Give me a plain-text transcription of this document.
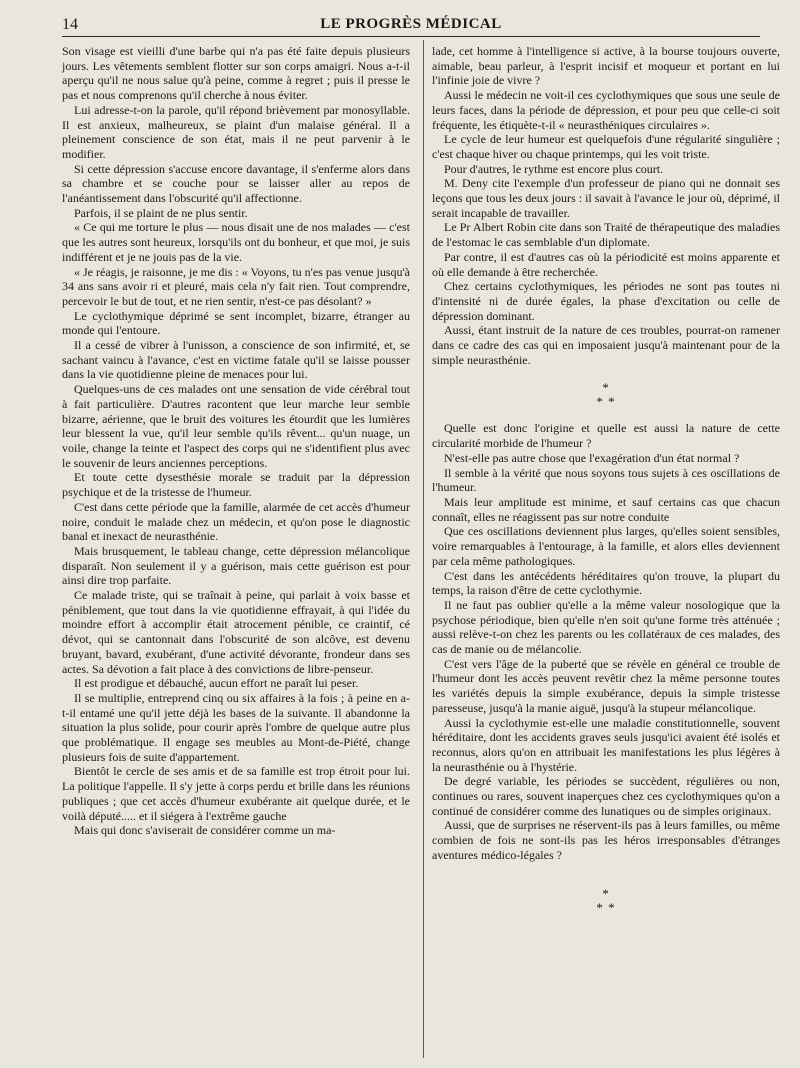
14	LE PROGRÈS MÉDICAL

Son visage est vieilli d'une barbe qui n'a pas été faite depuis plusieurs jours. Les vêtements semblent flotter sur son corps amaigri. Nous a-t-il aperçu qu'il ne nous salue qu'à peine, comme à regret ; puis il presse le pas et nous comprenons qu'il cherche à nous éviter.

Lui adresse-t-on la parole, qu'il répond brièvement par monosyllable. Il est anxieux, malheureux, se plaint d'un malaise général. Il a pleinement conscience de son état, mais il ne peut parvenir à le modifier.

Si cette dépression s'accuse encore davantage, il s'enferme alors dans sa chambre et se couche pour se laisser aller au repos de l'anéantissement dans l'obscurité qu'il affectionne.

Parfois, il se plaint de ne plus sentir.

« Ce qui me torture le plus — nous disait une de nos malades — c'est que les autres sont heureux, lorsqu'ils ont du bonheur, et que moi, je suis indifférent et je ne jouis pas de la vie.

« Je réagis, je raisonne, je me dis : « Voyons, tu n'es pas venue jusqu'à 34 ans sans avoir ri et pleuré, mais cela n'y fait rien. Tout comprendre, percevoir le but de tout, et ne rien sentir, n'est-ce pas désolant? »

Le cyclothymique déprimé se sent incomplet, bizarre, étranger au monde qui l'entoure.

Il a cessé de vibrer à l'unisson, a conscience de son infirmité, et, se sachant vaincu à l'avance, c'est en victime fatale qu'il se laisse pousser dans la vie quotidienne pleine de menaces pour lui.

Quelques-uns de ces malades ont une sensation de vide cérébral tout à fait particulière. D'autres racontent que leur marche leur semble bizarre, aérienne, que le bruit des voitures les étourdit que les lumières leur blessent la vue, qu'il leur semble qu'ils rêvent... qu'un nuage, un voile, change la teinte et l'aspect des corps qui ne s'identifient plus avec le souvenir de leurs anciennes perceptions.

Et toute cette dysesthésie morale se traduit par la dépression psychique et de la tristesse de l'humeur.

C'est dans cette période que la famille, alarmée de cet accès d'humeur noire, conduit le malade chez un médecin, et qu'on pose le diagnostic banal et inexact de neurasthénie.

Mais brusquement, le tableau change, cette dépression mélancolique disparaît. Non seulement il y a guérison, mais cette guérison est pour ainsi dire trop parfaite.

Ce malade triste, qui se traînait à peine, qui parlait à voix basse et péniblement, que tout dans la vie quotidienne effrayait, à qui l'idée du moindre effort à accomplir était atrocement pénible, ce craintif, cé dévot, qui se cantonnait dans l'obscurité de son alcôve, est devenu bruyant, bavard, exubérant, d'une activité dévorante, frondeur dans ses actes. Sa dévotion a fait place à des convictions de libre-penseur.

Il est prodigue et débauché, aucun effort ne paraît lui peser.

Il se multiplie, entreprend cinq ou six affaires à la fois ; à peine en a-t-il entamé une qu'il jette déjà les bases de la suivante. Il abandonne la situation la plus solide, pour courir après l'ombre de quelque autre plus que problématique. Il engage ses meubles au Mont-de-Piété, change plusieurs fois de suite d'appartement.

Bientôt le cercle de ses amis et de sa famille est trop étroit pour lui. La politique l'appelle. Il s'y jette à corps perdu et brille dans les réunions publiques ; que cet accès d'humeur exubérante ait quelque durée, et le voilà député..... et il siégera à l'extrême gauche

Mais qui donc s'aviserait de considérer comme un ma-

lade, cet homme à l'intelligence si active, à la bourse toujours ouverte, aimable, beau parleur, à l'esprit incisif et moqueur et portant en lui l'infinie joie de vivre ?

Aussi le médecin ne voit-il ces cyclothymiques que sous une seule de leurs faces, dans la période de dépression, et pour peu que celle-ci soit fréquente, les étiquète-t-il « neurasthéniques circulaires ».

Le cycle de leur humeur est quelquefois d'une régularité singulière ; c'est chaque hiver ou chaque printemps, qui les voit triste.

Pour d'autres, le rythme est encore plus court.

M. Deny cite l'exemple d'un professeur de piano qui ne donnait ses leçons que tous les deux jours : il savait à l'avance le jour où, déprimé, il serait incapable de travailler.

Le Pr Albert Robin cite dans son Traité de thérapeutique des maladies de l'estomac le cas semblable d'un diplomate.

Par contre, il est d'autres cas où la périodicité est moins apparente et où elle demande à être recherchée.

Chez certains cyclothymiques, les périodes ne sont pas toutes ni d'intensité ni de durée égales, la phase d'excitation ou celle de dépression dominant.

Aussi, étant instruit de la nature de ces troubles, pourrat-on ramener dans ce cadre des cas qui en imposaient jusqu'à maintenant pour de la simple neurasthénie.

*
* *

Quelle est donc l'origine et quelle est aussi la nature de cette circularité morbide de l'humeur ?

N'est-elle pas autre chose que l'exagération d'un état normal ?

Il semble à la vérité que nous soyons tous sujets à ces oscillations de l'humeur.

Mais leur amplitude est minime, et sauf certains cas que chacun connaît, elles ne réagissent pas sur notre conduite

Que ces oscillations deviennent plus larges, qu'elles soient sensibles, voire remarquables à l'entourage, à la famille, et alors elles deviennent par cela même pathologiques.

C'est dans les antécédents héréditaires qu'on trouve, la plupart du temps, la raison d'être de cette cyclothymie.

Il ne faut pas oublier qu'elle a la même valeur nosologique que la psychose périodique, bien qu'elle n'en soit qu'une forme très atténuée ; aussi relève-t-on chez les parents ou les collatéraux de ces malades, des cas de manie ou de mélancolie.

C'est vers l'âge de la puberté que se révèle en général ce trouble de l'humeur dont les accès peuvent revêtir chez la même personne toutes les variétés depuis la simple exubérance, depuis la simple tristesse paresseuse, jusqu'à la manie aiguë, jusqu'à la stupeur mélancolique.

Aussi la cyclothymie est-elle une maladie constitutionnelle, souvent héréditaire, dont les accidents graves seuls jusqu'ici avaient été isolés et reconnus, alors qu'on en attribuait les manifestations les plus légères à la neurasthénie ou à l'hystérie.

De degré variable, les périodes se succèdent, régulières ou non, continues ou rares, souvent inaperçues chez ces cyclothymiques qu'on a continué de considérer comme des lunatiques ou de simples originaux.

Aussi, que de surprises ne réservent-ils pas à leurs familles, ou même combien de fois ne sont-ils pas les héros irresponsables d'étranges aventures médico-légales ?

*
* *
